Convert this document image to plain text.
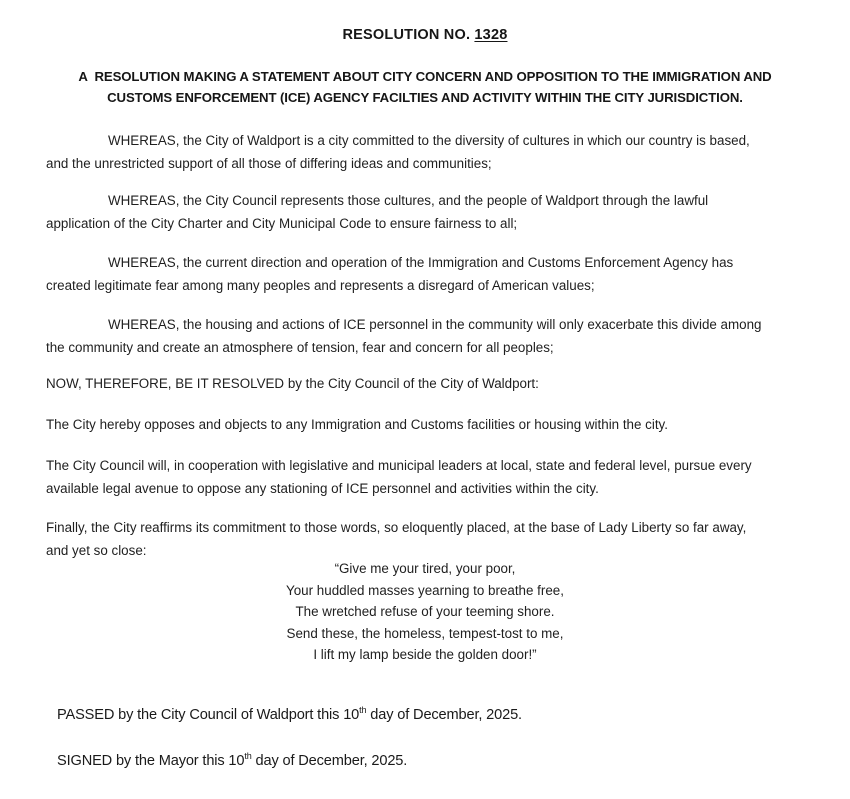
RESOLUTION NO. 1328
A  RESOLUTION MAKING A STATEMENT ABOUT CITY CONCERN AND OPPOSITION TO THE IMMIGRATION AND CUSTOMS ENFORCEMENT (ICE) AGENCY FACILTIES AND ACTIVITY WITHIN THE CITY JURISDICTION.
WHEREAS, the City of Waldport is a city committed to the diversity of cultures in which our country is based, and the unrestricted support of all those of differing ideas and communities;
WHEREAS, the City Council represents those cultures, and the people of Waldport through the lawful application of the City Charter and City Municipal Code to ensure fairness to all;
WHEREAS, the current direction and operation of the Immigration and Customs Enforcement Agency has created legitimate fear among many peoples and represents a disregard of American values;
WHEREAS, the housing and actions of ICE personnel in the community will only exacerbate this divide among the community and create an atmosphere of tension, fear and concern for all peoples;
NOW, THEREFORE, BE IT RESOLVED by the City Council of the City of Waldport:
The City hereby opposes and objects to any Immigration and Customs facilities or housing within the city.
The City Council will, in cooperation with legislative and municipal leaders at local, state and federal level, pursue every available legal avenue to oppose any stationing of ICE personnel and activities within the city.
Finally, the City reaffirms its commitment to those words, so eloquently placed, at the base of Lady Liberty so far away, and yet so close:
“Give me your tired, your poor,
Your huddled masses yearning to breathe free,
The wretched refuse of your teeming shore.
Send these, the homeless, tempest-tost to me,
I lift my lamp beside the golden door!”
PASSED by the City Council of Waldport this 10th day of December, 2025.
SIGNED by the Mayor this 10th day of December, 2025.
